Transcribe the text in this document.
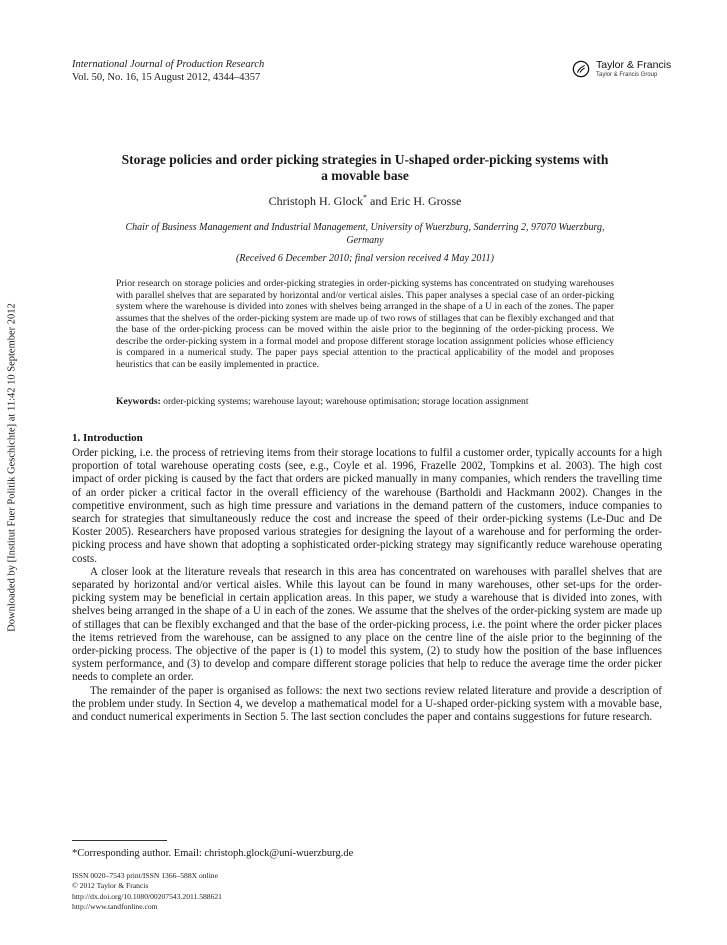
International Journal of Production Research
Vol. 50, No. 16, 15 August 2012, 4344–4357
Taylor & Francis
Taylor & Francis Group
Downloaded by [Institut Fuer Politik Geschichte] at 11:42 10 September 2012
Storage policies and order picking strategies in U-shaped order-picking systems with a movable base
Christoph H. Glock* and Eric H. Grosse
Chair of Business Management and Industrial Management, University of Wuerzburg, Sanderring 2, 97070 Wuerzburg, Germany
(Received 6 December 2010; final version received 4 May 2011)
Prior research on storage policies and order-picking strategies in order-picking systems has concentrated on studying warehouses with parallel shelves that are separated by horizontal and/or vertical aisles. This paper analyses a special case of an order-picking system where the warehouse is divided into zones with shelves being arranged in the shape of a U in each of the zones. The paper assumes that the shelves of the order-picking system are made up of two rows of stillages that can be flexibly exchanged and that the base of the order-picking process can be moved within the aisle prior to the beginning of the order-picking process. We describe the order-picking system in a formal model and propose different storage location assignment policies whose efficiency is compared in a numerical study. The paper pays special attention to the practical applicability of the model and proposes heuristics that can be easily implemented in practice.
Keywords: order-picking systems; warehouse layout; warehouse optimisation; storage location assignment
1. Introduction

Order picking, i.e. the process of retrieving items from their storage locations to fulfil a customer order, typically accounts for a high proportion of total warehouse operating costs (see, e.g., Coyle et al. 1996, Frazelle 2002, Tompkins et al. 2003). The high cost impact of order picking is caused by the fact that orders are picked manually in many companies, which renders the travelling time of an order picker a critical factor in the overall efficiency of the warehouse (Bartholdi and Hackmann 2002). Changes in the competitive environment, such as high time pressure and variations in the demand pattern of the customers, induce companies to search for strategies that simultaneously reduce the cost and increase the speed of their order-picking systems (Le-Duc and De Koster 2005). Researchers have proposed various strategies for designing the layout of a warehouse and for performing the order-picking process and have shown that adopting a sophisticated order-picking strategy may significantly reduce warehouse operating costs.

A closer look at the literature reveals that research in this area has concentrated on warehouses with parallel shelves that are separated by horizontal and/or vertical aisles. While this layout can be found in many warehouses, other set-ups for the order-picking system may be beneficial in certain application areas. In this paper, we study a warehouse that is divided into zones, with shelves being arranged in the shape of a U in each of the zones. We assume that the shelves of the order-picking system are made up of stillages that can be flexibly exchanged and that the base of the order-picking process, i.e. the point where the order picker places the items retrieved from the warehouse, can be assigned to any place on the centre line of the aisle prior to the beginning of the order-picking process. The objective of the paper is (1) to model this system, (2) to study how the position of the base influences system performance, and (3) to develop and compare different storage policies that help to reduce the average time the order picker needs to complete an order.

The remainder of the paper is organised as follows: the next two sections review related literature and provide a description of the problem under study. In Section 4, we develop a mathematical model for a U-shaped order-picking system with a movable base, and conduct numerical experiments in Section 5. The last section concludes the paper and contains suggestions for future research.

*Corresponding author. Email: christoph.glock@uni-wuerzburg.de
ISSN 0020–7543 print/ISSN 1366–588X online
© 2012 Taylor & Francis
http://dx.doi.org/10.1080/00207543.2011.588621
http://www.tandfonline.com
